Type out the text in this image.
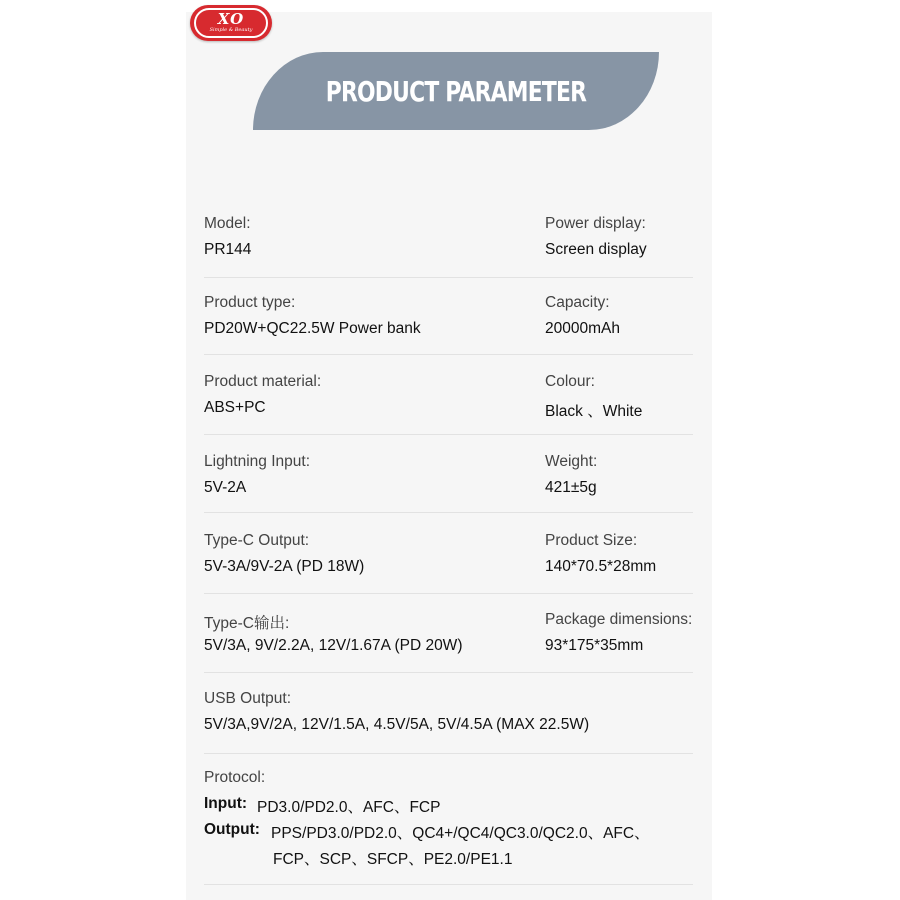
XO
Simple & Beauty
PRODUCT PARAMETER
Model:
PR144
Power display:
Screen display
Product type:
PD20W+QC22.5W Power bank
Capacity:
20000mAh
Product material:
ABS+PC
Colour:
Black 、White
Lightning Input:
5V-2A
Weight:
421±5g
Type-C Output:
5V-3A/9V-2A (PD 18W)
Product Size:
140*70.5*28mm
Type-C输出:
5V/3A, 9V/2.2A, 12V/1.67A (PD 20W)
Package dimensions:
93*175*35mm
USB Output:
5V/3A,9V/2A, 12V/1.5A, 4.5V/5A, 5V/4.5A (MAX 22.5W)
Protocol:
Input: PD3.0/PD2.0、AFC、FCP
Output: PPS/PD3.0/PD2.0、QC4+/QC4/QC3.0/QC2.0、AFC、
FCP、SCP、SFCP、PE2.0/PE1.1
